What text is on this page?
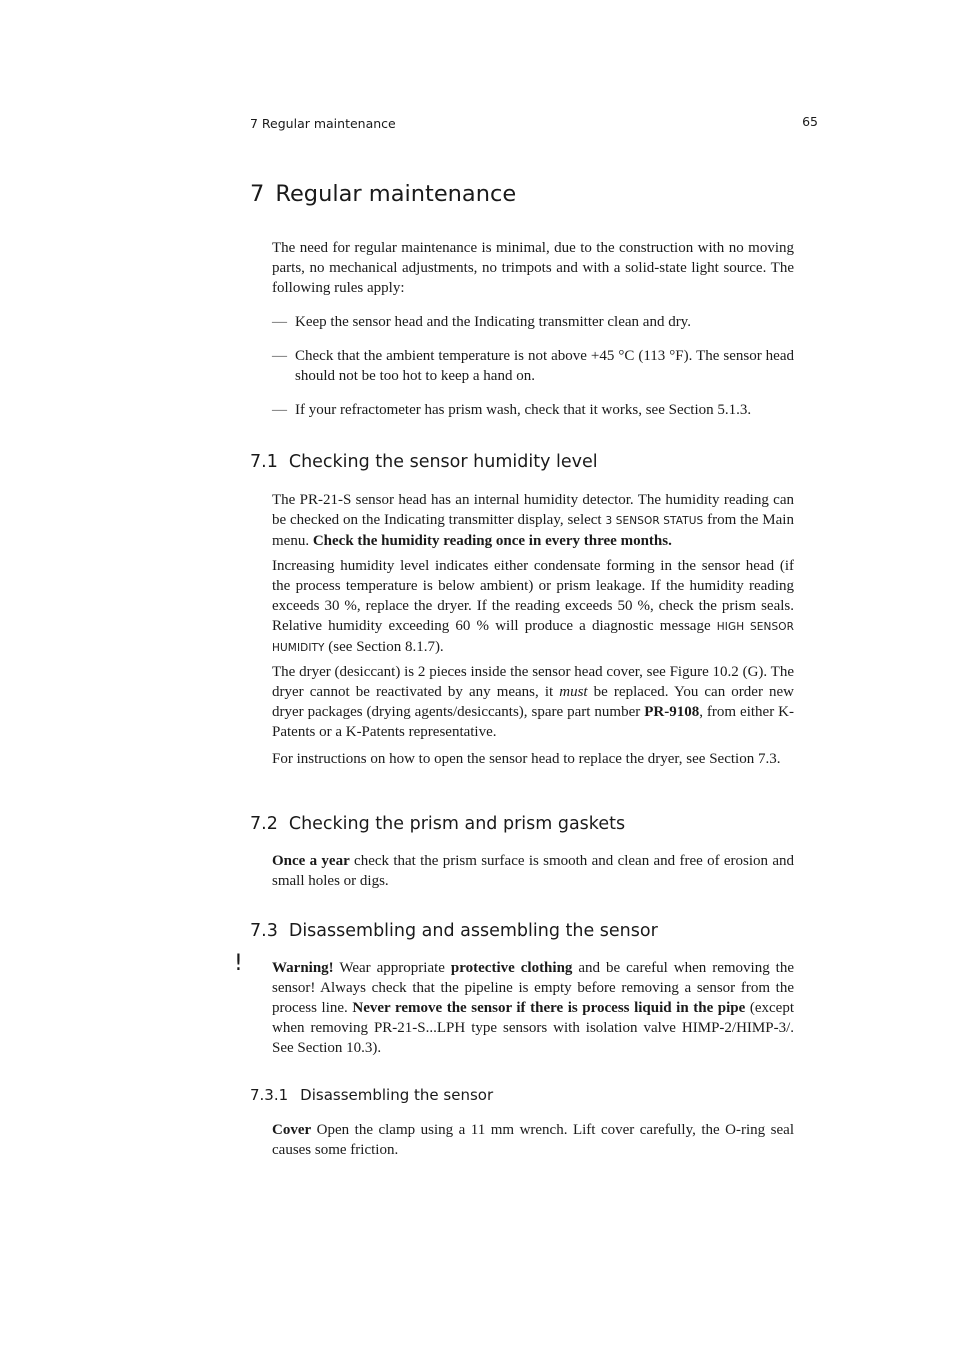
7 Regular maintenance	65
7 Regular maintenance

The need for regular maintenance is minimal, due to the construction with no moving parts, no mechanical adjustments, no trimpots and with a solid-state light source. The following rules apply:

— Keep the sensor head and the Indicating transmitter clean and dry.
— Check that the ambient temperature is not above +45 °C (113 °F). The sensor head should not be too hot to keep a hand on.
— If your refractometer has prism wash, check that it works, see Section 5.1.3.
7.1 Checking the sensor humidity level

The PR-21-S sensor head has an internal humidity detector. The humidity reading can be checked on the Indicating transmitter display, select 3 SENSOR STATUS from the Main menu. Check the humidity reading once in every three months.

Increasing humidity level indicates either condensate forming in the sensor head (if the process temperature is below ambient) or prism leakage. If the humidity reading exceeds 30 %, replace the dryer. If the reading exceeds 50 %, check the prism seals. Relative humidity exceeding 60 % will produce a diagnostic message HIGH SENSOR HUMIDITY (see Section 8.1.7).

The dryer (desiccant) is 2 pieces inside the sensor head cover, see Figure 10.2 (G). The dryer cannot be reactivated by any means, it must be replaced. You can order new dryer packages (drying agents/desiccants), spare part number PR-9108, from either K-Patents or a K-Patents representative.

For instructions on how to open the sensor head to replace the dryer, see Section 7.3.

7.2 Checking the prism and prism gaskets

Once a year check that the prism surface is smooth and clean and free of erosion and small holes or digs.

7.3 Disassembling and assembling the sensor
! Warning! Wear appropriate protective clothing and be careful when removing the sensor! Always check that the pipeline is empty before removing a sensor from the process line. Never remove the sensor if there is process liquid in the pipe (except when removing PR-21-S...LPH type sensors with isolation valve HIMP-2/HIMP-3/. See Section 10.3).

7.3.1 Disassembling the sensor

Cover Open the clamp using a 11 mm wrench. Lift cover carefully, the O-ring seal causes some friction.
